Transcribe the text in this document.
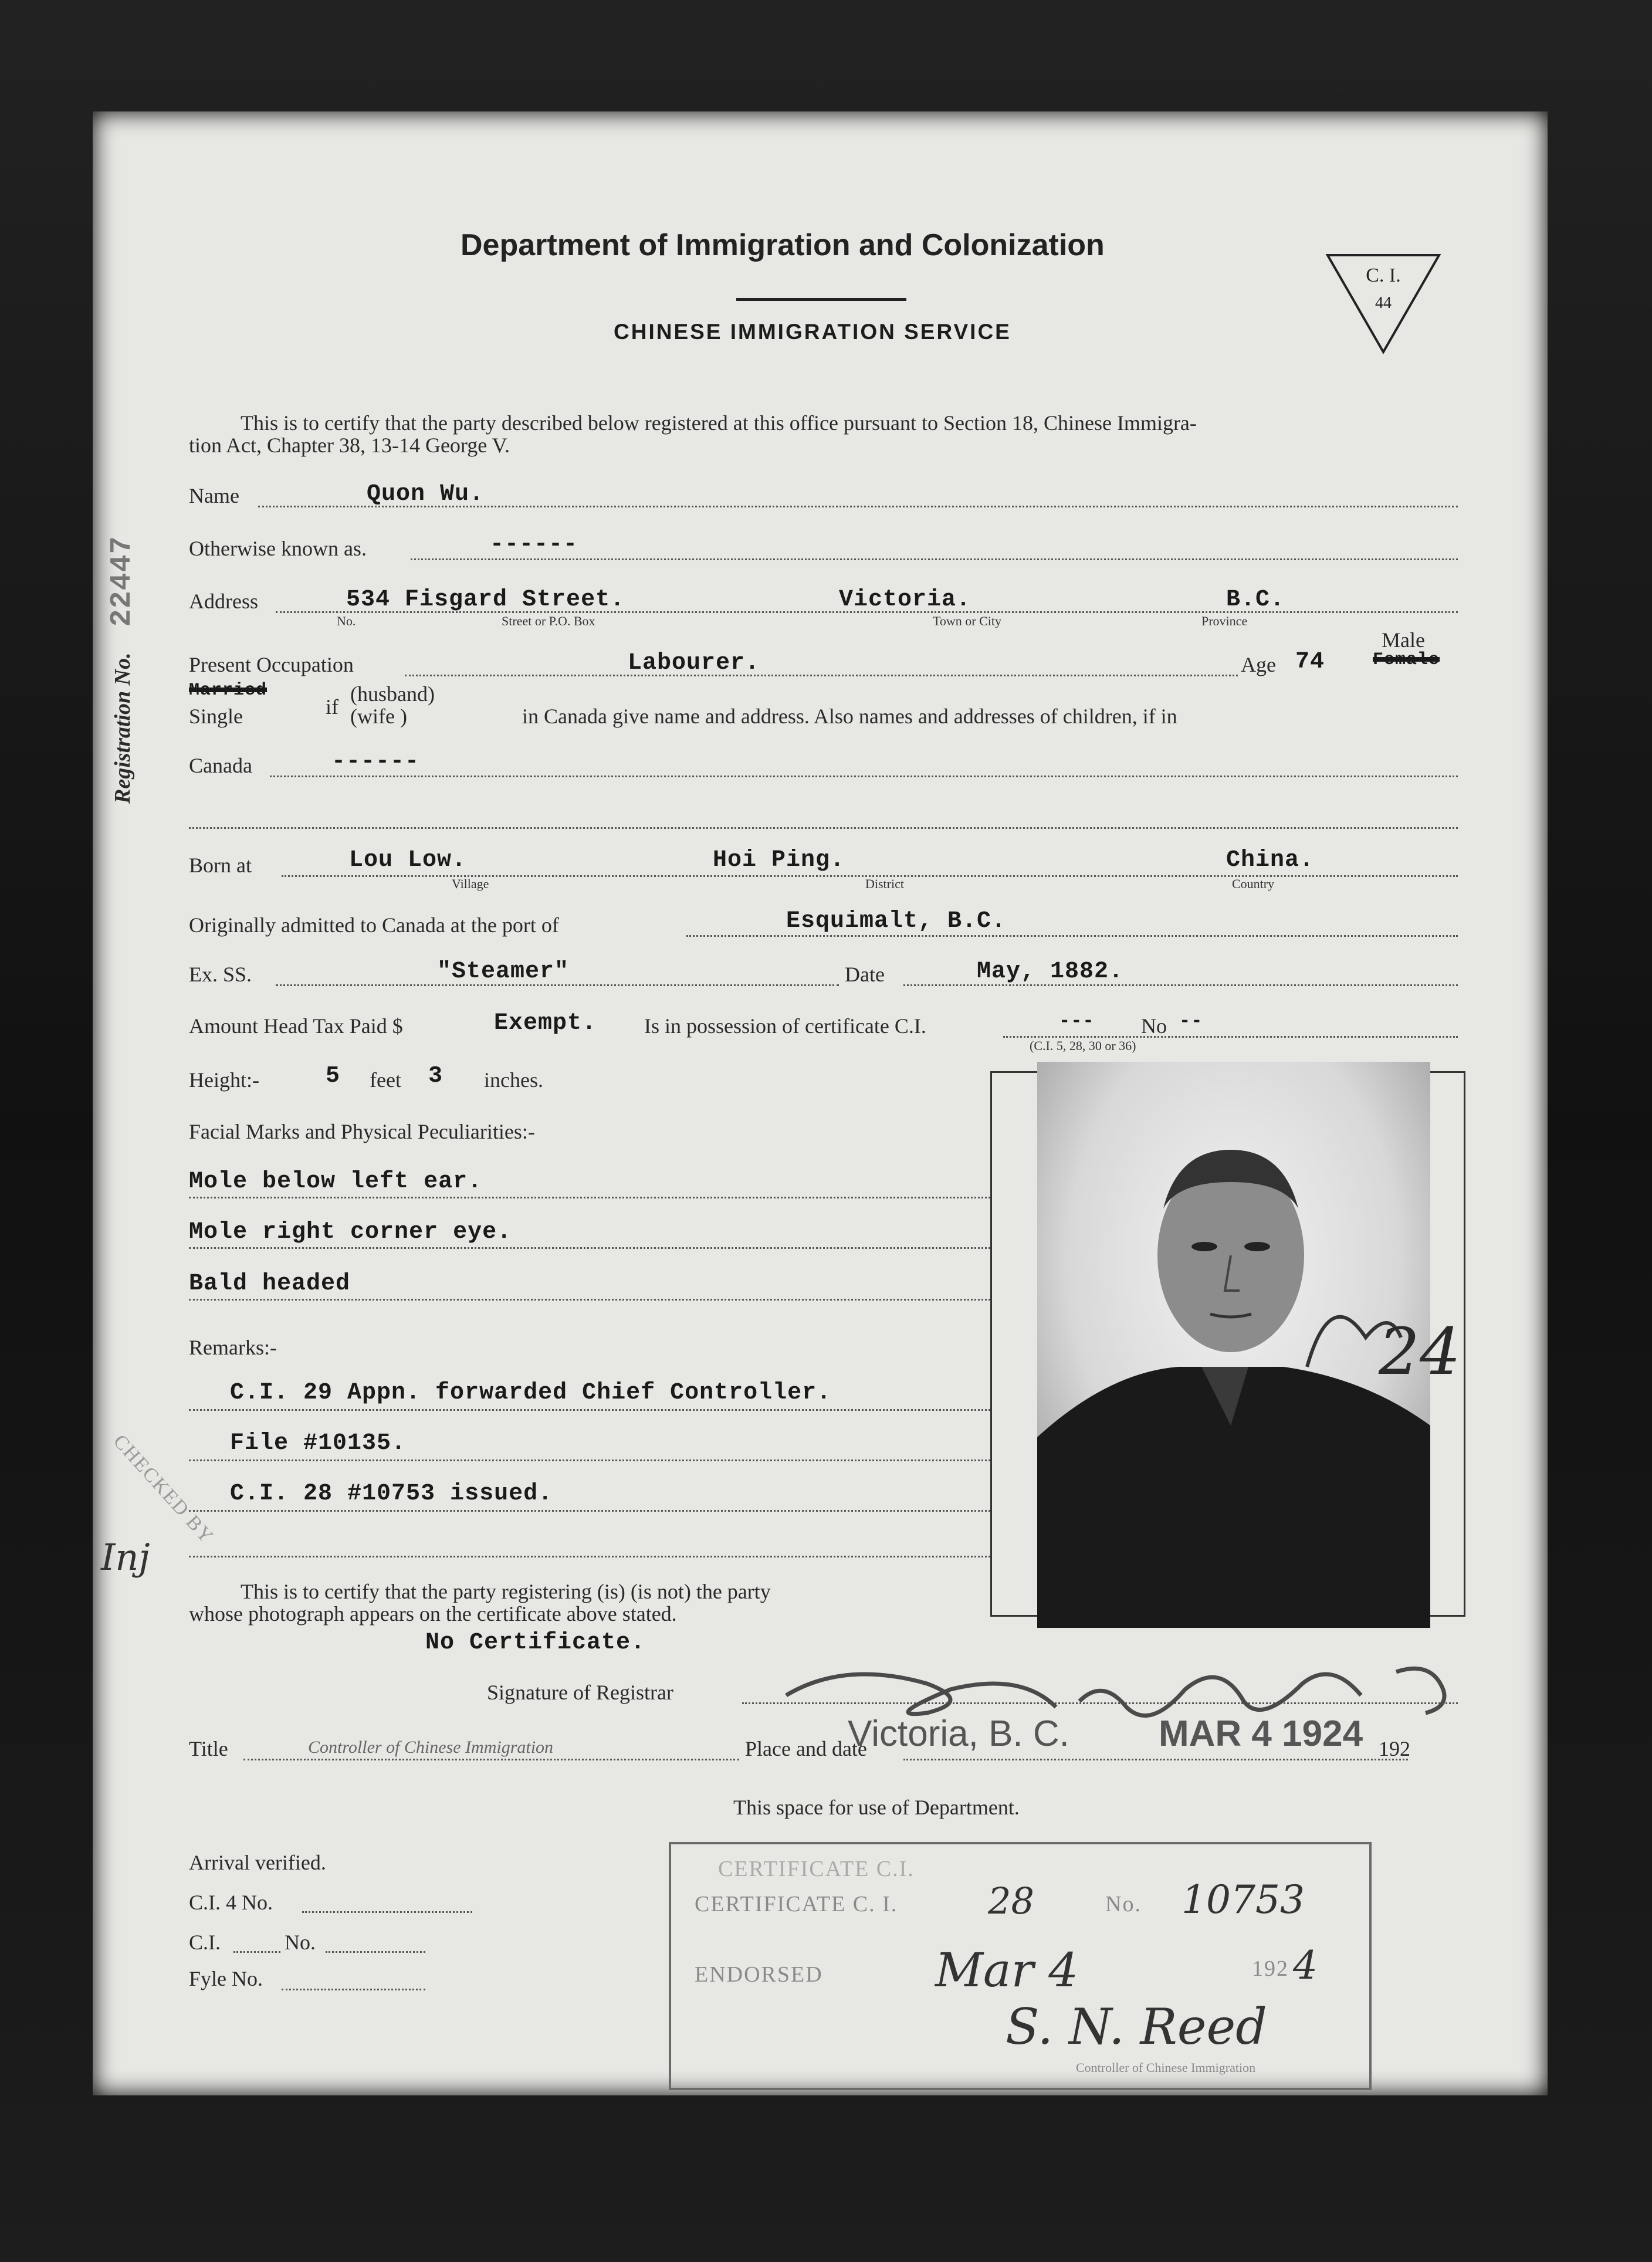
Department of Immigration and Colonization
CHINESE IMMIGRATION SERVICE
C. I.
44
Registration No. 22447
This is to certify that the party described below registered at this office pursuant to Section 18, Chinese Immigra-
tion Act, Chapter 38, 13-14 George V.
Name	Quon Wu.
Otherwise known as.	------
Address	534 Fisgard Street.	Victoria.	B.C.
No.	Street or P.O. Box	Town or City	Province
Present Occupation	Labourer.	Age 74
Male
Female
Married
Single	if
(husband)
(wife )	in Canada give name and address. Also names and addresses of children, if in
Canada	------
Born at	Lou Low.	Hoi Ping.	China.
Village	District	Country
Originally admitted to Canada at the port of	Esquimalt, B.C.
Ex. SS.	"Steamer"	Date	May, 1882.
Amount Head Tax Paid $	Exempt. Is in possession of certificate C.I.	--- No --
(C.I. 5, 28, 30 or 36)
Height:-	5 feet 3 inches.
Facial Marks and Physical Peculiarities:-
Mole below left ear.
Mole right corner eye.
Bald headed
Remarks:-
C.I. 29 Appn. forwarded Chief Controller.
File #10135.
C.I. 28 #10753 issued.
CHECKED BY
Inj
24
This is to certify that the party registering (is) (is not) the party
whose photograph appears on the certificate above stated.
No Certificate.
Signature of Registrar
Title	Controller of Chinese Immigration	Place and date
Victoria, B. C. MAR 4 1924 192
This space for use of Department.
Arrival verified.
C.I. 4 No.
C.I.	No.
Fyle No.
CERTIFICATE C.I.
CERTIFICATE C. I. 28	No. 10753
ENDORSED Mar 4	192 4
S. N. Reed
Controller of Chinese Immigration
